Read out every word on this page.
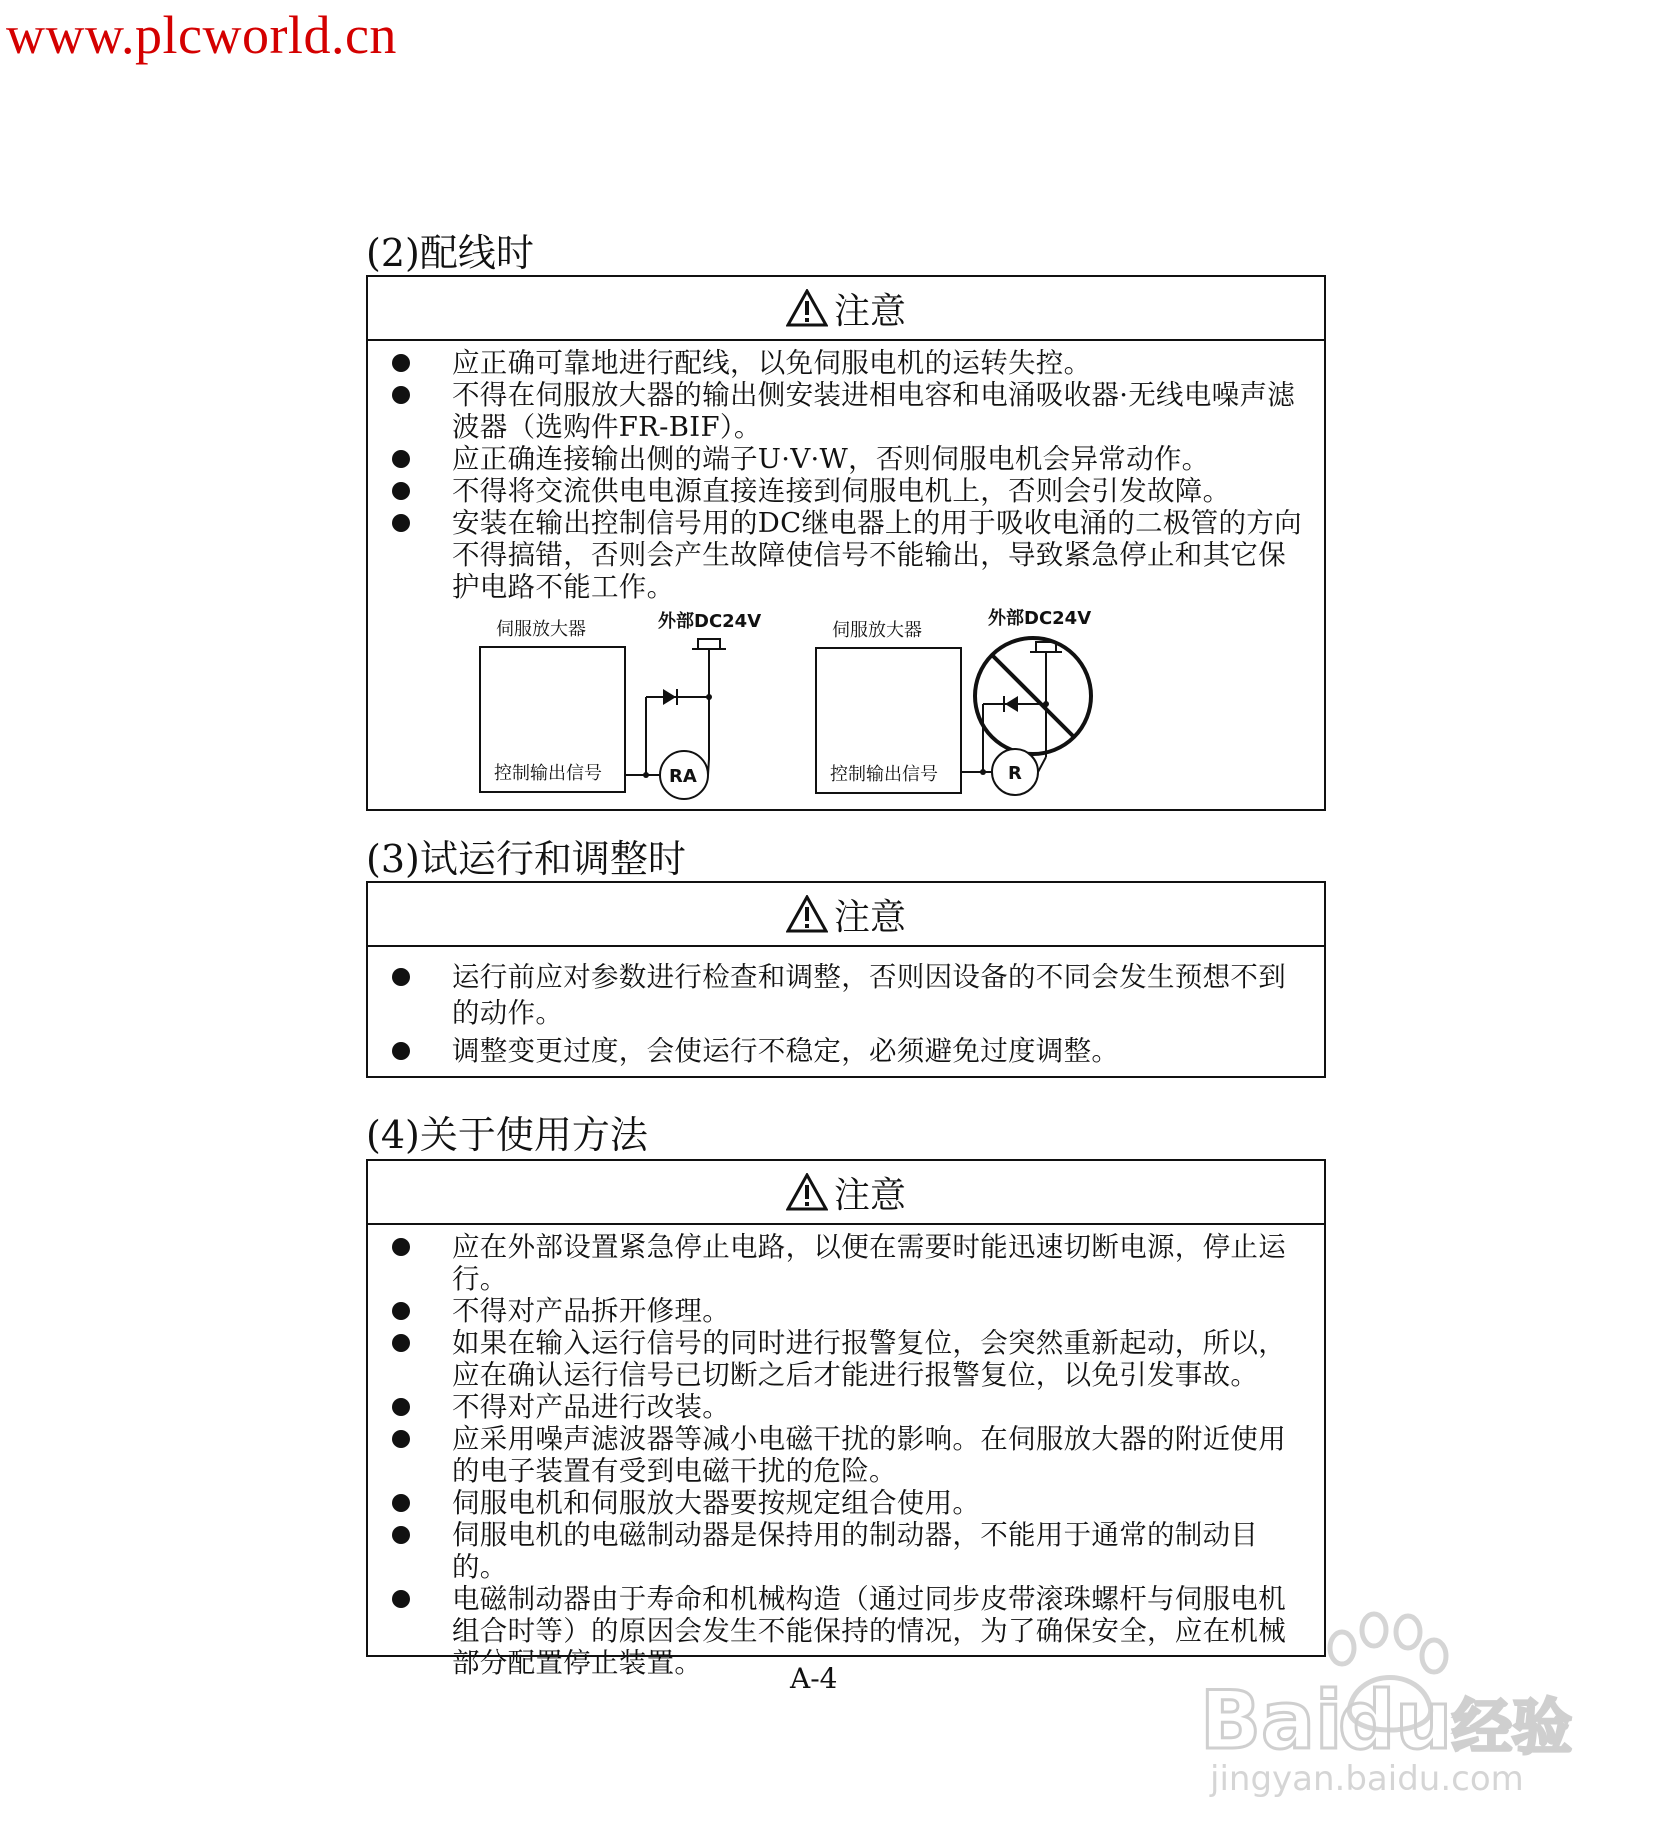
www.plcworld.cn
(2)配线时
注意
应正确可靠地进行配线，以免伺服电机的运转失控。
不得在伺服放大器的输出侧安装进相电容和电涌吸收器·无线电噪声滤波器（选购件FR-BIF）。
应正确连接输出侧的端子U·V·W，否则伺服电机会异常动作。
不得将交流供电电源直接连接到伺服电机上，否则会引发故障。
安装在输出控制信号用的DC继电器上的用于吸收电涌的二极管的方向不得搞错，否则会产生故障使信号不能输出，导致紧急停止和其它保护电路不能工作。
伺服放大器	外部DC24V
控制输出信号	RA
伺服放大器
外部DC24V
控制输出信号	R
(3)试运行和调整时
注意
运行前应对参数进行检查和调整，否则因设备的不同会发生预想不到的动作。
调整变更过度，会使运行不稳定，必须避免过度调整。
(4)关于使用方法
注意
应在外部设置紧急停止电路，以便在需要时能迅速切断电源，停止运行。
不得对产品拆开修理。
如果在输入运行信号的同时进行报警复位，会突然重新起动，所以，应在确认运行信号已切断之后才能进行报警复位，以免引发事故。
不得对产品进行改装。
应采用噪声滤波器等减小电磁干扰的影响。在伺服放大器的附近使用的电子装置有受到电磁干扰的危险。
伺服电机和伺服放大器要按规定组合使用。
伺服电机的电磁制动器是保持用的制动器，不能用于通常的制动目的。
电磁制动器由于寿命和机械构造（通过同步皮带滚珠螺杆与伺服电机组合时等）的原因会发生不能保持的情况，为了确保安全，应在机械部分配置停止装置。	A-4	Bai
du 经验
jingyan.baidu.com
